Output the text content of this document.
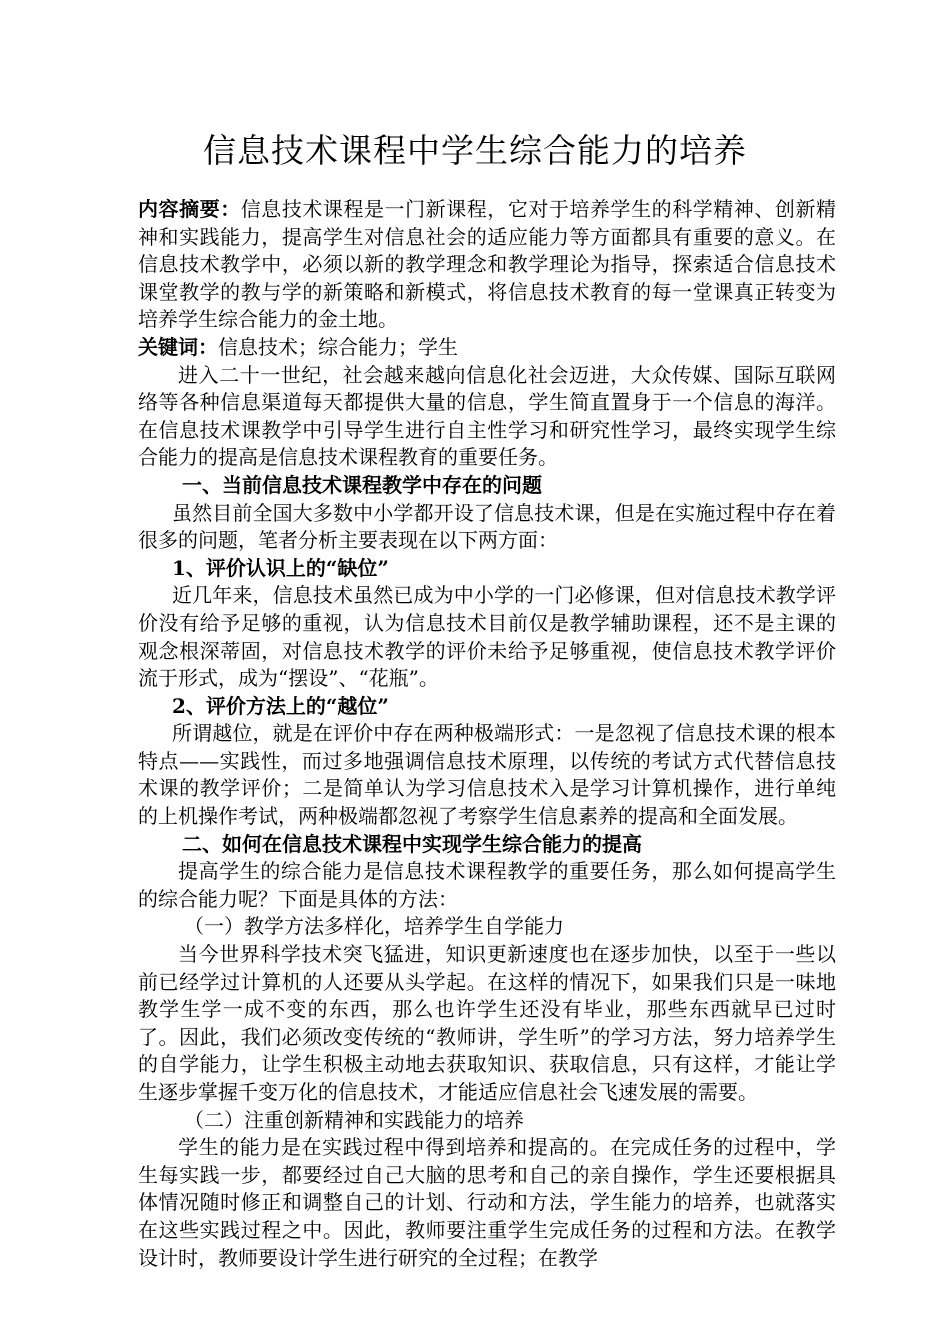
信息技术课程中学生综合能力的培养

内容摘要：信息技术课程是一门新课程，它对于培养学生的科学精神、创新精神和实践能力，提高学生对信息社会的适应能力等方面都具有重要的意义。在信息技术教学中，必须以新的教学理念和教学理论为指导，探索适合信息技术课堂教学的教与学的新策略和新模式，将信息技术教育的每一堂课真正转变为培养学生综合能力的金土地。

关键词：信息技术；综合能力；学生

进入二十一世纪，社会越来越向信息化社会迈进，大众传媒、国际互联网络等各种信息渠道每天都提供大量的信息，学生简直置身于一个信息的海洋。在信息技术课教学中引导学生进行自主性学习和研究性学习，最终实现学生综合能力的提高是信息技术课程教育的重要任务。

一、当前信息技术课程教学中存在的问题

虽然目前全国大多数中小学都开设了信息技术课，但是在实施过程中存在着很多的问题，笔者分析主要表现在以下两方面：

1、评价认识上的“缺位”

近几年来，信息技术虽然已成为中小学的一门必修课，但对信息技术教学评价没有给予足够的重视，认为信息技术目前仅是教学辅助课程，还不是主课的观念根深蒂固，对信息技术教学的评价未给予足够重视，使信息技术教学评价流于形式，成为“摆设”、“花瓶”。

2、评价方法上的“越位”

所谓越位，就是在评价中存在两种极端形式：一是忽视了信息技术课的根本特点——实践性，而过多地强调信息技术原理，以传统的考试方式代替信息技术课的教学评价；二是简单认为学习信息技术入是学习计算机操作，进行单纯的上机操作考试，两种极端都忽视了考察学生信息素养的提高和全面发展。

二、如何在信息技术课程中实现学生综合能力的提高

提高学生的综合能力是信息技术课程教学的重要任务，那么如何提高学生的综合能力呢？下面是具体的方法：

（一）教学方法多样化，培养学生自学能力

当今世界科学技术突飞猛进，知识更新速度也在逐步加快，以至于一些以前已经学过计算机的人还要从头学起。在这样的情况下，如果我们只是一味地教学生学一成不变的东西，那么也许学生还没有毕业，那些东西就早已过时了。因此，我们必须改变传统的“教师讲，学生听”的学习方法，努力培养学生的自学能力，让学生积极主动地去获取知识、获取信息，只有这样，才能让学生逐步掌握千变万化的信息技术，才能适应信息社会飞速发展的需要。

（二）注重创新精神和实践能力的培养

学生的能力是在实践过程中得到培养和提高的。在完成任务的过程中，学生每实践一步，都要经过自己大脑的思考和自己的亲自操作，学生还要根据具体情况随时修正和调整自己的计划、行动和方法，学生能力的培养，也就落实在这些实践过程之中。因此，教师要注重学生完成任务的过程和方法。在教学设计时，教师要设计学生进行研究的全过程；在教学
